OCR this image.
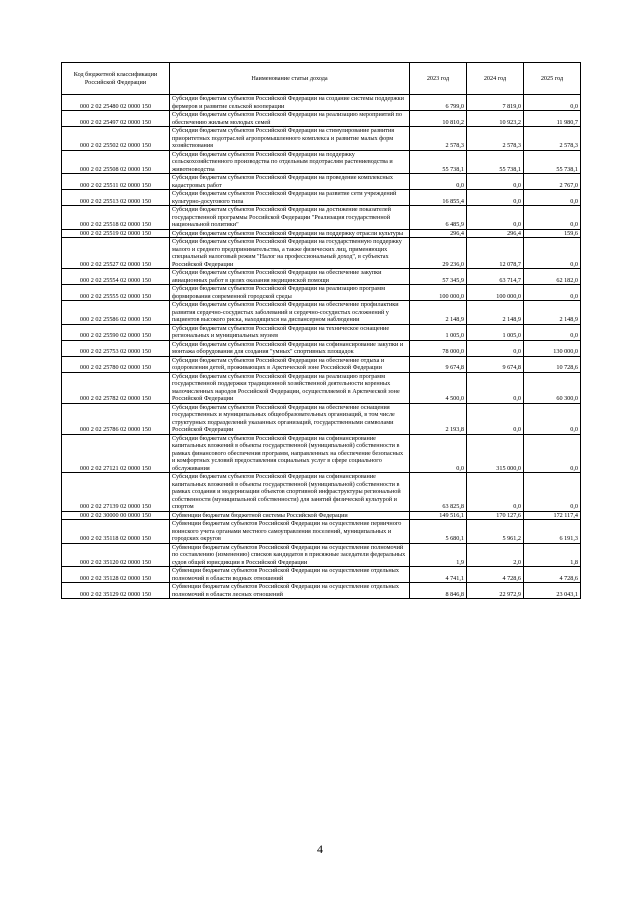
Код бюджетной классификации Российской Федерации	Наименование статьи дохода	2023 год	2024 год	2025 год
000 2 02 25480 02 0000 150	Субсидии бюджетам субъектов Российской Федерации на создание системы поддержки фермеров и развитие сельской кооперации	6 799,0	7 819,0	0,0
000 2 02 25497 02 0000 150	Субсидии бюджетам субъектов Российской Федерации на реализацию мероприятий по обеспечению жильем молодых семей	10 810,2	10 923,2	11 980,7
000 2 02 25502 02 0000 150	Субсидии бюджетам субъектов Российской Федерации на стимулирование развития приоритетных подотраслей агропромышленного комплекса и развитие малых форм хозяйствования	2 578,3	2 578,3	2 578,3
000 2 02 25508 02 0000 150	Субсидии бюджетам субъектов Российской Федерации на поддержку сельскохозяйственного производства по отдельным подотраслям растениеводства и животноводства	55 738,1	55 738,1	55 738,1
000 2 02 25511 02 0000 150	Субсидии бюджетам субъектов Российской Федерации на проведение комплексных кадастровых работ	0,0	0,0	2 767,0
000 2 02 25513 02 0000 150	Субсидии бюджетам субъектов Российской Федерации на развитие сети учреждений культурно-досугового типа	16 855,4	0,0	0,0
000 2 02 25518 02 0000 150	Субсидии бюджетам субъектов Российской Федерации на достижение показателей государственной программы Российской Федерации "Реализация государственной национальной политики"	6 485,9	0,0	0,0
000 2 02 25519 02 0000 150	Субсидии бюджетам субъектов Российской Федерации на поддержку отрасли культуры	296,4	296,4	159,6
000 2 02 25527 02 0000 150	Субсидии бюджетам субъектов Российской Федерации на государственную поддержку малого и среднего предпринимательства, а также физических лиц, применяющих специальный налоговый режим "Налог на профессиональный доход", в субъектах Российской Федерации	29 236,0	12 078,7	0,0
000 2 02 25554 02 0000 150	Субсидии бюджетам субъектов Российской Федерации на обеспечение закупки авиационных работ в целях оказания медицинской помощи	57 345,9	63 714,7	62 182,0
000 2 02 25555 02 0000 150	Субсидии бюджетам субъектов Российской Федерации на реализацию программ формирования современной городской среды	100 000,0	100 000,0	0,0
000 2 02 25586 02 0000 150	Субсидии бюджетам субъектов Российской Федерации на обеспечение профилактики развития сердечно-сосудистых заболеваний и сердечно-сосудистых осложнений у пациентов высокого риска, находящихся на диспансерном наблюдении	2 148,9	2 148,9	2 148,9
000 2 02 25590 02 0000 150	Субсидии бюджетам субъектов Российской Федерации на техническое оснащение региональных и муниципальных музеев	1 005,0	1 005,0	0,0
000 2 02 25753 02 0000 150	Субсидии бюджетам субъектов Российской Федерации на софинансирование закупки и монтажа оборудования для создания "умных" спортивных площадок	78 000,0	0,0	130 000,0
000 2 02 25780 02 0000 150	Субсидии бюджетам субъектов Российской Федерации на обеспечение отдыха и оздоровления детей, проживающих в Арктической зоне Российской Федерации	9 674,8	9 674,8	10 728,6
000 2 02 25782 02 0000 150	Субсидии бюджетам субъектов Российской Федерации на реализацию программ государственной поддержки традиционной хозяйственной деятельности коренных малочисленных народов Российской Федерации, осуществляемой в Арктической зоне Российской Федерации	4 500,0	0,0	60 300,0
000 2 02 25786 02 0000 150	Субсидии бюджетам субъектов Российской Федерации на обеспечение оснащения государственных и муниципальных общеобразовательных организаций, в том числе структурных подразделений указанных организаций, государственными символами Российской Федерации	2 193,8	0,0	0,0
000 2 02 27121 02 0000 150	Субсидии бюджетам субъектов Российской Федерации на софинансирование капитальных вложений в объекты государственной (муниципальной) собственности в рамках финансового обеспечения программ, направленных на обеспечение безопасных и комфортных условий предоставления социальных услуг в сфере социального обслуживания	0,0	315 000,0	0,0
000 2 02 27139 02 0000 150	Субсидии бюджетам субъектов Российской Федерации на софинансирование капитальных вложений в объекты государственной (муниципальной) собственности в рамках создания и модернизации объектов спортивной инфраструктуры региональной собственности (муниципальной собственности) для занятий физической культурой и спортом	63 825,8	0,0	0,0
000 2 02 30000 00 0000 150	Субвенции бюджетам бюджетной системы Российской Федерации	149 516,1	170 127,6	172 117,4
000 2 02 35118 02 0000 150	Субвенции бюджетам субъектов Российской Федерации на осуществление первичного воинского учета органами местного самоуправления поселений, муниципальных и городских округов	5 680,1	5 961,2	6 191,3
000 2 02 35120 02 0000 150	Субвенции бюджетам субъектов Российской Федерации на осуществление полномочий по составлению (изменению) списков кандидатов в присяжные заседатели федеральных судов общей юрисдикции в Российской Федерации	1,9	2,0	1,8
000 2 02 35128 02 0000 150	Субвенции бюджетам субъектов Российской Федерации на осуществление отдельных полномочий в области водных отношений	4 741,1	4 728,6	4 728,6
000 2 02 35129 02 0000 150	Субвенции бюджетам субъектов Российской Федерации на осуществление отдельных полномочий в области лесных отношений	8 846,8	22 972,9	23 043,1
4
